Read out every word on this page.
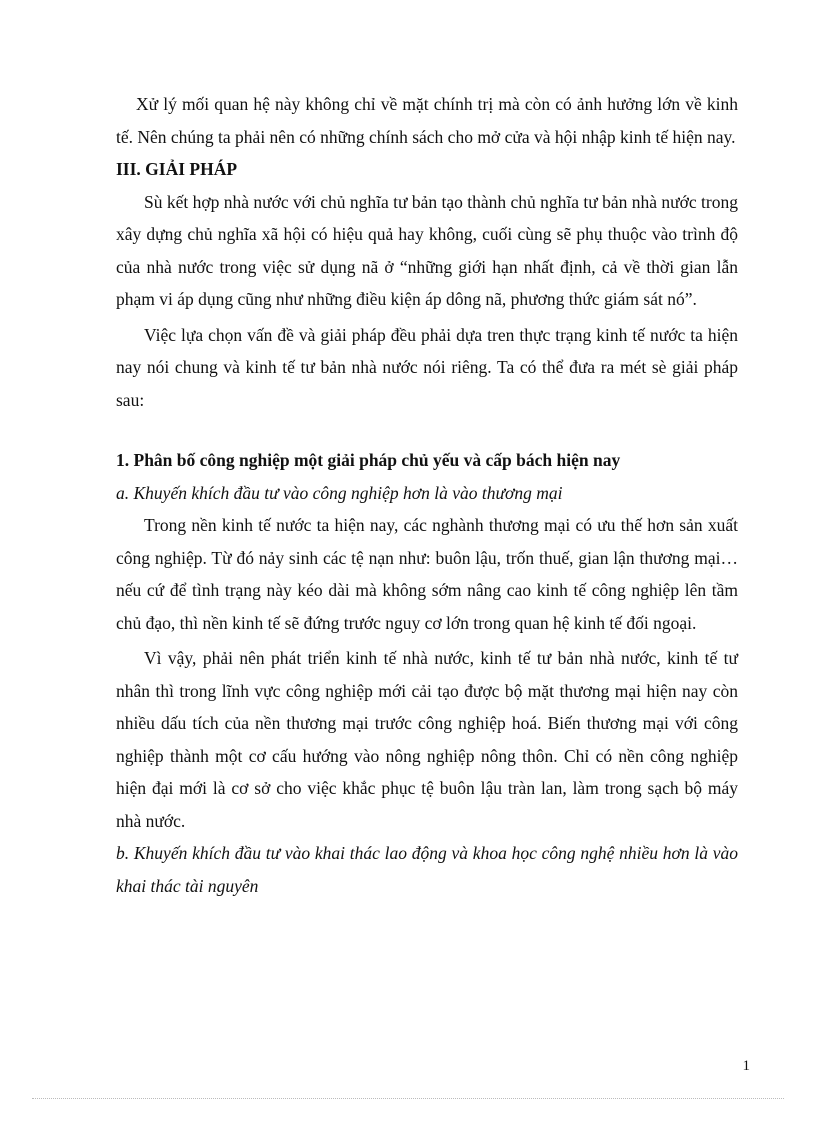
Xử lý mối quan hệ này không chỉ về mặt chính trị mà còn có ảnh hưởng lớn về kinh tế. Nên chúng ta phải nên có những chính sách cho mở cửa và hội nhập kinh tế hiện nay.

III. GIẢI PHÁP

Sù kết hợp nhà nước với chủ nghĩa tư bản tạo thành chủ nghĩa tư bản nhà nước trong xây dựng chủ nghĩa xã hội có hiệu quả hay không, cuối cùng sẽ phụ thuộc vào trình độ của nhà nước trong việc sử dụng nã ở “những giới hạn nhất định, cả về thời gian lẫn phạm vi áp dụng cũng như những điều kiện áp dông nã, phương thức giám sát nó”.

Việc lựa chọn vấn đề và giải pháp đều phải dựa tren thực trạng kinh tế nước ta hiện nay nói chung và kinh tế tư bản nhà nước nói riêng. Ta có thể đưa ra mét sè giải pháp sau:

1. Phân bố công nghiệp một giải pháp chủ yếu và cấp bách hiện nay

a. Khuyến khích đầu tư vào công nghiệp hơn là vào thương mại

Trong nền kinh tế nước ta hiện nay, các nghành thương mại có ưu thế hơn sản xuất công nghiệp. Từ đó nảy sinh các tệ nạn như: buôn lậu, trốn thuế, gian lận thương mại…nếu cứ để tình trạng này kéo dài mà không sớm nâng cao kinh tế công nghiệp lên tầm chủ đạo, thì nền kinh tế sẽ đứng trước nguy cơ lớn trong quan hệ kinh tế đối ngoại.

Vì vậy, phải nên phát triển kinh tế nhà nước, kinh tế tư bản nhà nước, kinh tế tư nhân thì trong lĩnh vực công nghiệp mới cải tạo được bộ mặt thương mại hiện nay còn nhiều dấu tích của nền thương mại trước công nghiệp hoá. Biến thương mại với công nghiệp thành một cơ cấu hướng vào nông nghiệp nông thôn. Chỉ có nền công nghiệp hiện đại mới là cơ sở cho việc khắc phục tệ buôn lậu tràn lan, làm trong sạch bộ máy nhà nước.

b. Khuyến khích đầu tư vào khai thác lao động và khoa học công nghệ nhiều hơn là vào khai thác tài nguyên

1
